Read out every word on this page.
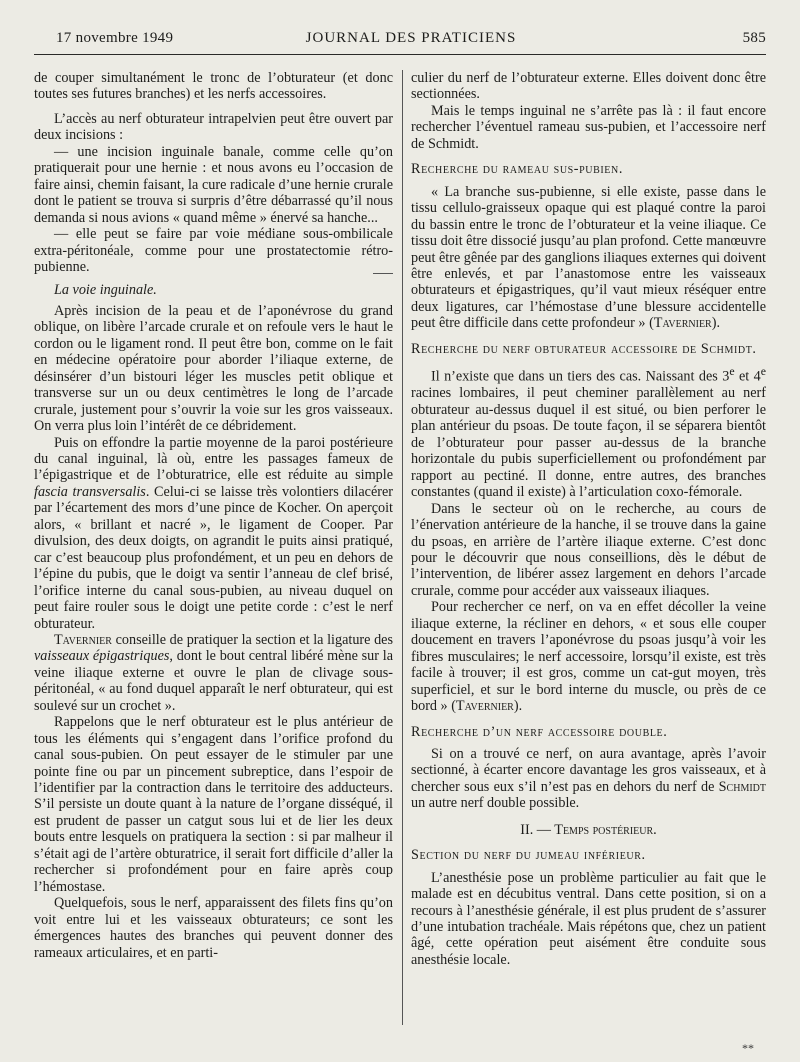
17 novembre 1949	JOURNAL DES PRATICIENS	585

de couper simultanément le tronc de l’obturateur (et donc toutes ses futures branches) et les nerfs accessoires.

L’accès au nerf obturateur intrapelvien peut être ouvert par deux incisions :

— une incision inguinale banale, comme celle qu’on pratiquerait pour une hernie : et nous avons eu l’occasion de faire ainsi, chemin faisant, la cure radicale d’une hernie crurale dont le patient se trouva si surpris d’être débarrassé qu’il nous demanda si nous avions « quand même » énervé sa hanche...

— elle peut se faire par voie médiane sous-ombilicale extra-péritonéale, comme pour une prostatectomie rétro-pubienne.

La voie inguinale.

Après incision de la peau et de l’aponévrose du grand oblique, on libère l’arcade crurale et on refoule vers le haut le cordon ou le ligament rond. Il peut être bon, comme on le fait en médecine opératoire pour aborder l’iliaque externe, de désinsérer d’un bistouri léger les muscles petit oblique et transverse sur un ou deux centimètres le long de l’arcade crurale, justement pour s’ouvrir la voie sur les gros vaisseaux. On verra plus loin l’intérêt de ce débridement.

Puis on effondre la partie moyenne de la paroi postérieure du canal inguinal, là où, entre les passages fameux de l’épigastrique et de l’obturatrice, elle est réduite au simple fascia transversalis. Celui-ci se laisse très volontiers dilacérer par l’écartement des mors d’une pince de Kocher. On aperçoit alors, « brillant et nacré », le ligament de Cooper. Par divulsion, des deux doigts, on agrandit le puits ainsi pratiqué, car c’est beaucoup plus profondément, et un peu en dehors de l’épine du pubis, que le doigt va sentir l’anneau de clef brisé, l’orifice interne du canal sous-pubien, au niveau duquel on peut faire rouler sous le doigt une petite corde : c’est le nerf obturateur.

Tavernier conseille de pratiquer la section et la ligature des vaisseaux épigastriques, dont le bout central libéré mène sur la veine iliaque externe et ouvre le plan de clivage sous-péritonéal, « au fond duquel apparaît le nerf obturateur, qui est soulevé sur un crochet ».

Rappelons que le nerf obturateur est le plus antérieur de tous les éléments qui s’engagent dans l’orifice profond du canal sous-pubien. On peut essayer de le stimuler par une pointe fine ou par un pincement subreptice, dans l’espoir de l’identifier par la contraction dans le territoire des adducteurs. S’il persiste un doute quant à la nature de l’organe disséqué, il est prudent de passer un catgut sous lui et de lier les deux bouts entre lesquels on pratiquera la section : si par malheur il s’était agi de l’artère obturatrice, il serait fort difficile d’aller la rechercher si profondément pour en faire après coup l’hémostase.

Quelquefois, sous le nerf, apparaissent des filets fins qu’on voit entre lui et les vaisseaux obturateurs; ce sont les émergences hautes des branches qui peuvent donner des rameaux articulaires, et en parti-

culier du nerf de l’obturateur externe. Elles doivent donc être sectionnées.

Mais le temps inguinal ne s’arrête pas là : il faut encore rechercher l’éventuel rameau sus-pubien, et l’accessoire nerf de Schmidt.

Recherche du rameau sus-pubien.

« La branche sus-pubienne, si elle existe, passe dans le tissu cellulo-graisseux opaque qui est plaqué contre la paroi du bassin entre le tronc de l’obturateur et la veine iliaque. Ce tissu doit être dissocié jusqu’au plan profond. Cette manœuvre peut être gênée par des ganglions iliaques externes qui doivent être enlevés, et par l’anastomose entre les vaisseaux obturateurs et épigastriques, qu’il vaut mieux réséquer entre deux ligatures, car l’hémostase d’une blessure accidentelle peut être difficile dans cette profondeur » (Tavernier).

Recherche du nerf obturateur accessoire de Schmidt.

Il n’existe que dans un tiers des cas. Naissant des 3e et 4e racines lombaires, il peut cheminer parallèlement au nerf obturateur au-dessus duquel il est situé, ou bien perforer le plan antérieur du psoas. De toute façon, il se séparera bientôt de l’obturateur pour passer au-dessus de la branche horizontale du pubis superficiellement ou profondément par rapport au pectiné. Il donne, entre autres, des branches constantes (quand il existe) à l’articulation coxo-fémorale.

Dans le secteur où on le recherche, au cours de l’énervation antérieure de la hanche, il se trouve dans la gaine du psoas, en arrière de l’artère iliaque externe. C’est donc pour le découvrir que nous conseillions, dès le début de l’intervention, de libérer assez largement en dehors l’arcade crurale, comme pour accéder aux vaisseaux iliaques.

Pour rechercher ce nerf, on va en effet décoller la veine iliaque externe, la récliner en dehors, « et sous elle couper doucement en travers l’aponévrose du psoas jusqu’à voir les fibres musculaires; le nerf accessoire, lorsqu’il existe, est très facile à trouver; il est gros, comme un cat-gut moyen, très superficiel, et sur le bord interne du muscle, ou près de ce bord » (Tavernier).

Recherche d’un nerf accessoire double.

Si on a trouvé ce nerf, on aura avantage, après l’avoir sectionné, à écarter encore davantage les gros vaisseaux, et à chercher sous eux s’il n’est pas en dehors du nerf de Schmidt un autre nerf double possible.

II. — Temps postérieur.

Section du nerf du jumeau inférieur.

L’anesthésie pose un problème particulier au fait que le malade est en décubitus ventral. Dans cette position, si on a recours à l’anesthésie générale, il est plus prudent de s’assurer d’une intubation trachéale. Mais répétons que, chez un patient âgé, cette opération peut aisément être conduite sous anesthésie locale.

**
